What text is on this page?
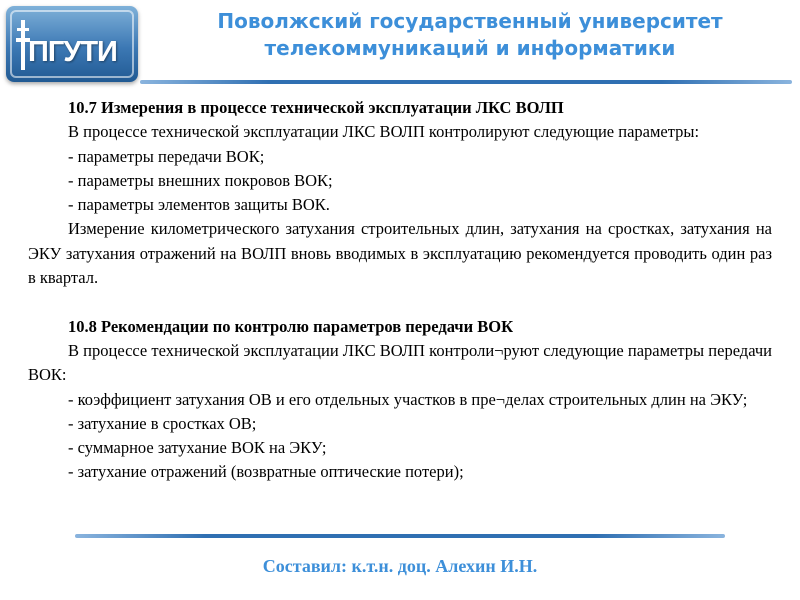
ПГУТИ
Поволжский государственный университет
телекоммуникаций и информатики

10.7 Измерения в процессе технической эксплуатации ЛКС ВОЛП

В процессе технической эксплуатации ЛКС ВОЛП контролируют следующие параметры:

- параметры передачи ВОК;

- параметры внешних покровов ВОК;

- параметры элементов защиты ВОК.

Измерение километрического затухания строительных длин, затухания на сростках, затухания на ЭКУ затухания отражений на ВОЛП вновь вводимых в эксплуатацию рекомендуется проводить один раз в квартал.

10.8 Рекомендации по контролю параметров передачи ВОК

В процессе технической эксплуатации ЛКС ВОЛП контроли¬руют следующие параметры передачи ВОК:

- коэффициент затухания ОВ и его отдельных участков в пре¬делах строительных длин на ЭКУ;

- затухание в сростках ОВ;

- суммарное затухание ВОК на ЭКУ;

- затухание отражений (возвратные оптические потери);

Составил: к.т.н. доц. Алехин И.Н.
